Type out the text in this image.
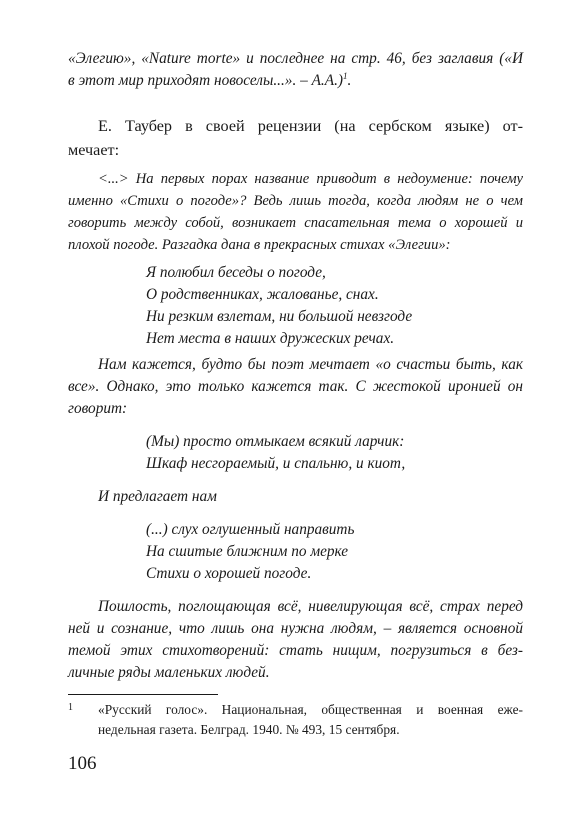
«Элегию», «Nature morte» и последнее на стр. 46, без заглавия («И
в этот мир приходят новоселы...». – А.А.)$^1$.
Е. Таубер в своей рецензии (на сербском языке) от-
мечает:
<...> На первых порах название приводит в недоумение: почему
именно «Стихи о погоде»? Ведь лишь тогда, когда людям не о чем
говорить между собой, возникает спасательная тема о хорошей и
плохой погоде. Разгадка дана в прекрасных стихах «Элегии»:
Я полюбил беседы о погоде,
О родственниках, жалованье, снах.
Ни резким взлетам, ни большой невзгоде
Нет места в наших дружеских речах.
Нам кажется, будто бы поэт мечтает «о счастьи быть, как
все». Однако, это только кажется так. С жестокой иронией он
говорит:
(Мы) просто отмыкаем всякий ларчик:
Шкаф несгораемый, и спальню, и киот,
И предлагает нам
(...) слух оглушенный направить
На сшитые ближним по мерке
Стихи о хорошей погоде.
Пошлость, поглощающая всё, нивелирующая всё, страх перед
ней и сознание, что лишь она нужна людям, – является основной
темой этих стихотворений: стать нищим, погрузиться в без-
личные ряды маленьких людей.
1 «Русский голос». Национальная, общественная и военная еже-
недельная газета. Белград. 1940. № 493, 15 сентября.
106
